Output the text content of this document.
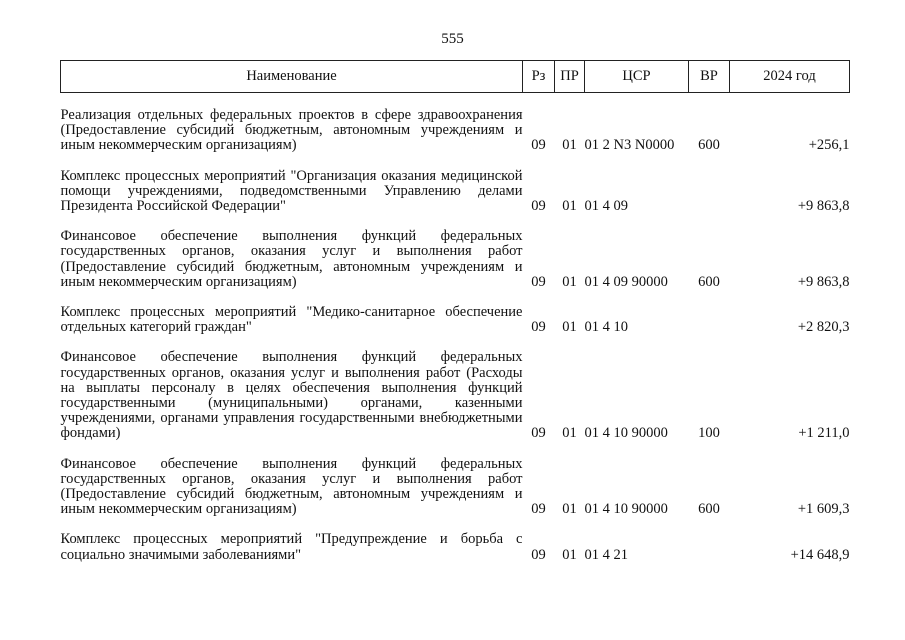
555
Наименование	Рз	ПР	ЦСР	ВР	2024 год
Реализация отдельных федеральных проектов в сфере здравоохранения (Предоставление субсидий бюджетным, автономным учреждениям и иным некоммерческим организациям)	09	01	01 2 N3 N0000	600	+256,1
Комплекс процессных мероприятий "Организация оказания медицинской помощи учреждениями, подведомственными Управлению делами Президента Российской Федерации"	09	01	01 4 09		+9 863,8
Финансовое обеспечение выполнения функций федеральных государственных органов, оказания услуг и выполнения работ (Предоставление субсидий бюджетным, автономным учреждениям и иным некоммерческим организациям)	09	01	01 4 09 90000	600	+9 863,8
Комплекс процессных мероприятий "Медико-санитарное обеспечение отдельных категорий граждан"	09	01	01 4 10		+2 820,3
Финансовое обеспечение выполнения функций федеральных государственных органов, оказания услуг и выполнения работ (Расходы на выплаты персоналу в целях обеспечения выполнения функций государственными (муниципальными) органами, казенными учреждениями, органами управления государственными внебюджетными фондами)	09	01	01 4 10 90000	100	+1 211,0
Финансовое обеспечение выполнения функций федеральных государственных органов, оказания услуг и выполнения работ (Предоставление субсидий бюджетным, автономным учреждениям и иным некоммерческим организациям)	09	01	01 4 10 90000	600	+1 609,3
Комплекс процессных мероприятий "Предупреждение и борьба с социально значимыми заболеваниями"	09	01	01 4 21		+14 648,9
